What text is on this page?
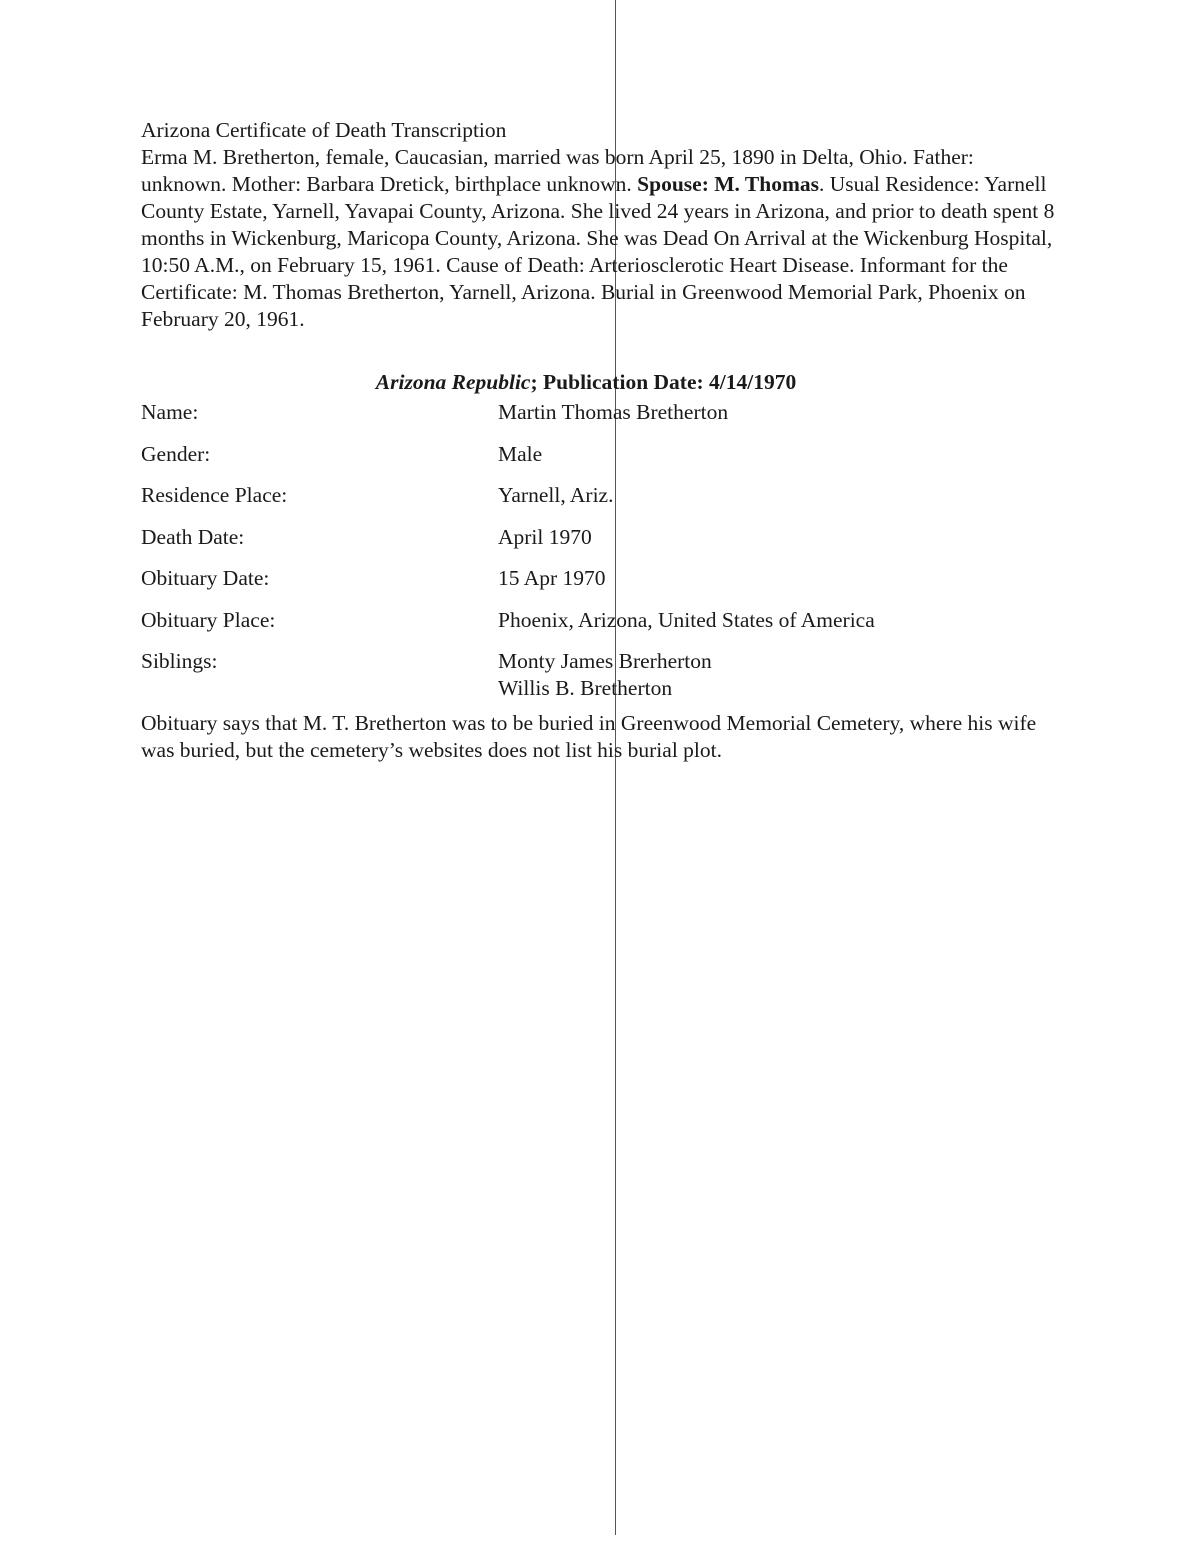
Arizona Certificate of Death Transcription

Erma M. Bretherton, female, Caucasian, married was born April 25, 1890 in Delta, Ohio. Father: unknown. Mother: Barbara Dretick, birthplace unknown. Spouse: M. Thomas. Usual Residence: Yarnell County Estate, Yarnell, Yavapai County, Arizona. She lived 24 years in Arizona, and prior to death spent 8 months in Wickenburg, Maricopa County, Arizona. She was Dead On Arrival at the Wickenburg Hospital, 10:50 A.M., on February 15, 1961. Cause of Death: Arteriosclerotic Heart Disease. Informant for the Certificate: M. Thomas Bretherton, Yarnell, Arizona. Burial in Greenwood Memorial Park, Phoenix on February 20, 1961.

Arizona Republic; Publication Date: 4/14/1970
Name:	Martin Thomas Bretherton
Gender:	Male
Residence Place:	Yarnell, Ariz.
Death Date:	April 1970
Obituary Date:	15 Apr 1970
Obituary Place:	Phoenix, Arizona, United States of America
Siblings:	Monty James Brerherton
Willis B. Bretherton

Obituary says that M. T. Bretherton was to be buried in Greenwood Memorial Cemetery, where his wife was buried, but the cemetery’s websites does not list his burial plot.
